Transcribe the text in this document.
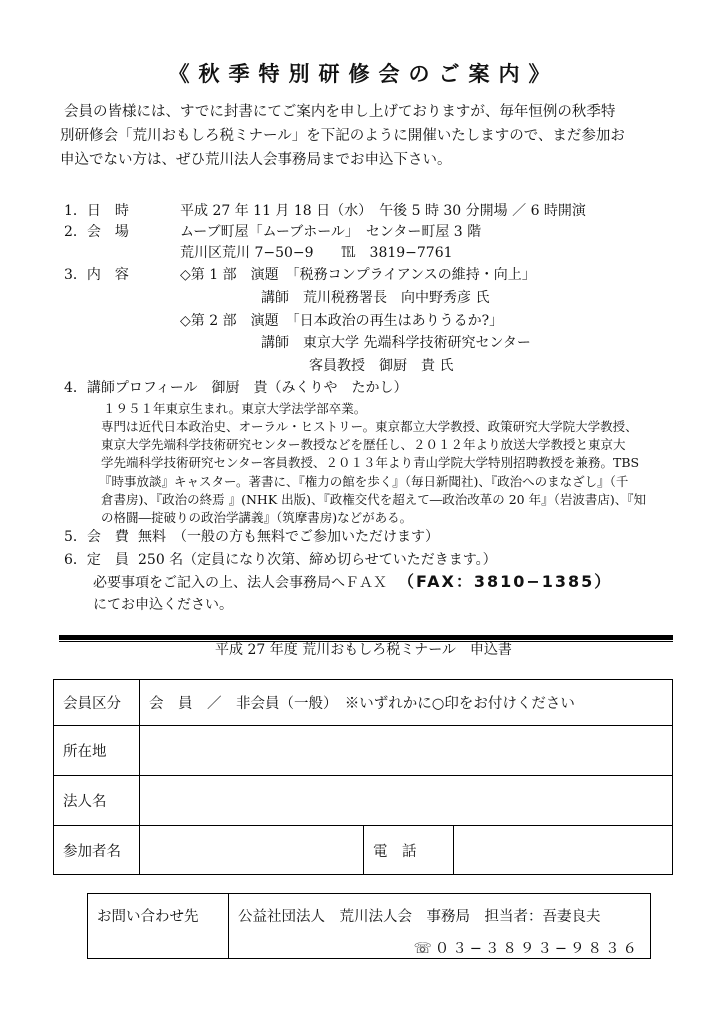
《秋季特別研修会のご案内》
会員の皆様には、すでに封書にてご案内を申し上げておりますが、毎年恒例の秋季特
別研修会「荒川おもしろ税ミナール」を下記のように開催いたしますので、まだ参加お
申込でない方は、ぜひ荒川法人会事務局までお申込下さい。
1．日　時	平成 27 年 11 月 18 日（水）　午後 5 時 30 分開場 ／ 6 時開演
2．会　場	ムーブ町屋「ムーブホール」　センター町屋 3 階
荒川区荒川 7−50−9　　℡　3819−7761
3．内　容	◇第 1 部　演題　「税務コンプライアンスの維持・向上」
講師　荒川税務署長　向中野秀彦 氏
◇第 2 部　演題　「日本政治の再生はありうるか?」
講師　東京大学 先端科学技術研究センター
客員教授　御厨　貴 氏
4．講師プロフィール　御厨　貴（みくりや　たかし）
１９５１年東京生まれ。東京大学法学部卒業。
専門は近代日本政治史、オーラル・ヒストリー。東京都立大学教授、政策研究大学院大学教授、
東京大学先端科学技術研究センター教授などを歴任し、２０１２年より放送大学教授と東京大
学先端科学技術研究センター客員教授、２０１３年より青山学院大学特別招聘教授を兼務。TBS
『時事放談』キャスター。著書に、『権力の館を歩く』（毎日新聞社)、『政治へのまなざし』（千
倉書房)、『政治の終焉 』(NHK 出版)、『政権交代を超えて―政治改革の 20 年』（岩波書店)、『知
の格闘―掟破りの政治学講義』（筑摩書房)などがある。
5．会　費 無料　（一般の方も無料でご参加いただけます）
6．定　員 250 名（定員になり次第、締め切らせていただきます。）
必要事項をご記入の上、法人会事務局へＦＡＸ （FAX：3810−1385）
にてお申込ください。
平成 27 年度 荒川おもしろ税ミナール　申込書
会員区分	会　員　／　非会員（一般）　※いずれかに○印をお付けください		
所在地			
法人名			
参加者名		電　話	
お問い合わせ先	公益社団法人　荒川法人会　事務局　担当者：吾妻良夫
☏０３−３８９３−９８３６
